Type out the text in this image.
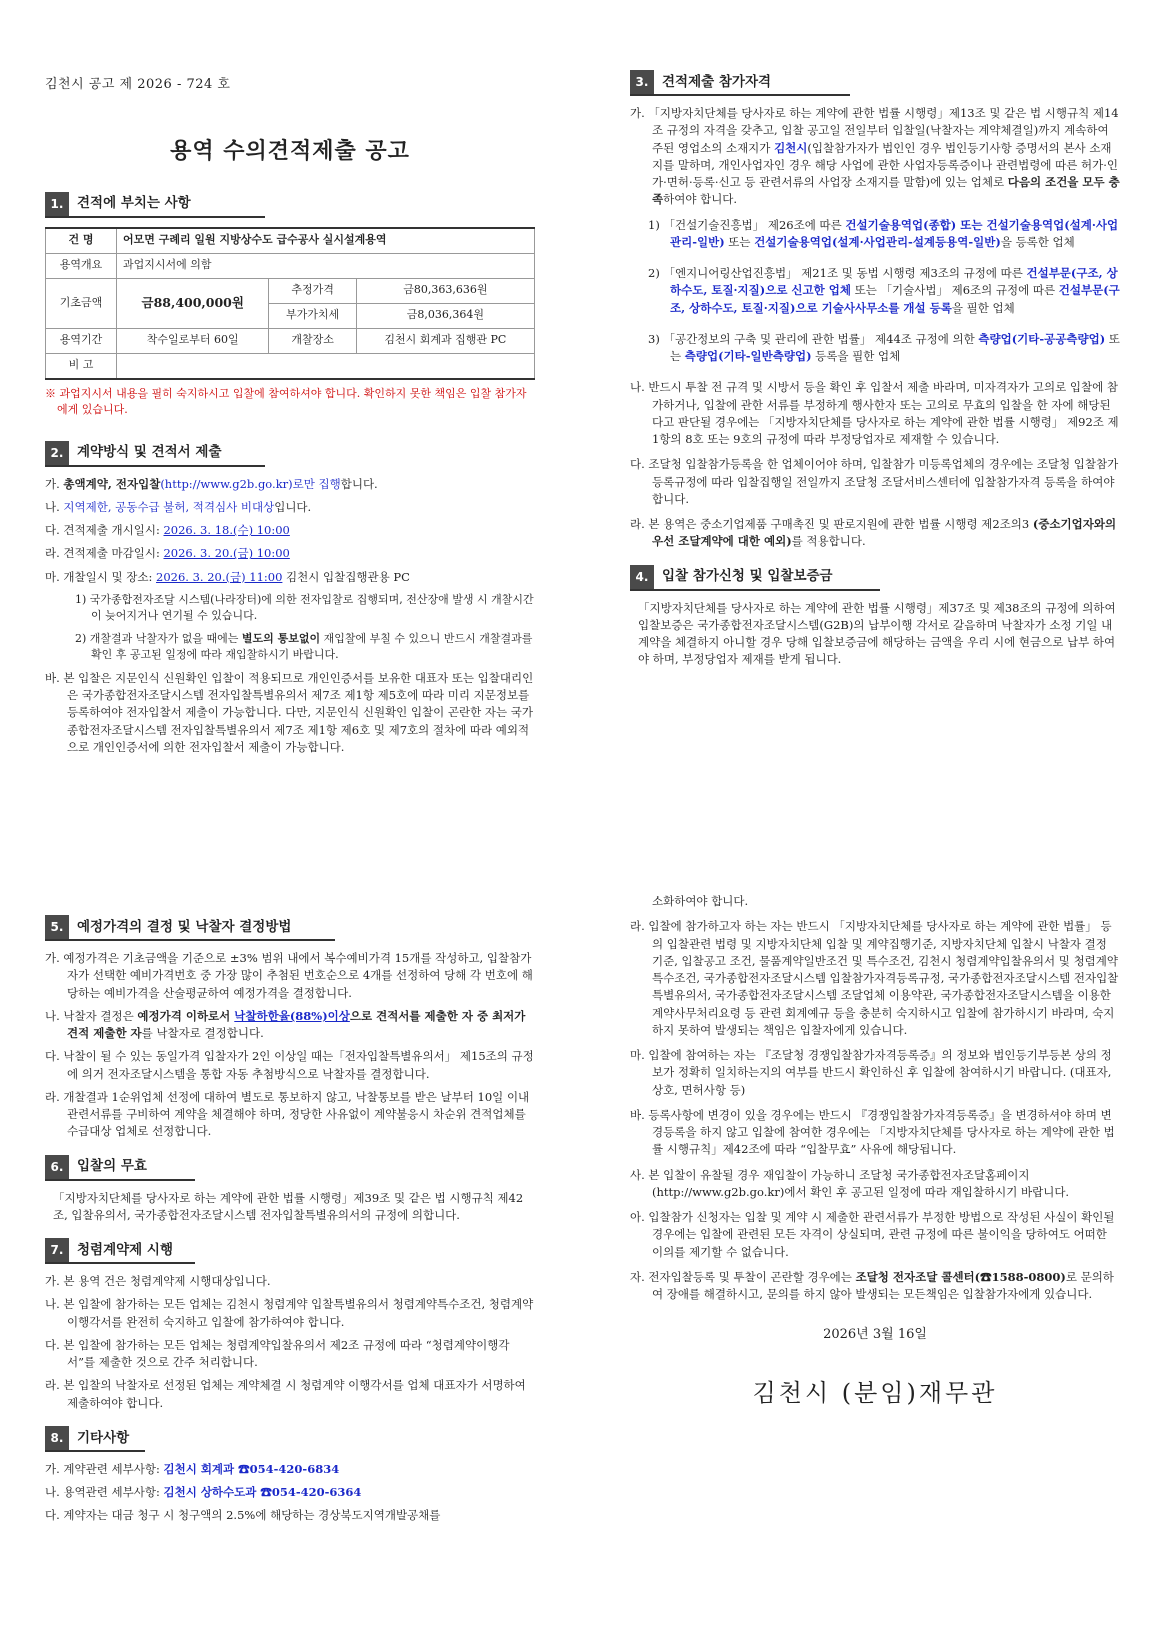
김천시 공고 제 2026 - 724 호
용역 수의견적제출 공고
1.	견적에 부치는 사항
건 명	어모면 구례리 일원 지방상수도 급수공사 실시설계용역		
용역개요	과업지시서에 의함		
기초금액	금88,400,000원	추정가격	금80,363,636원
		부가가치세	금8,036,364원
용역기간	착수일로부터 60일	개찰장소	김천시 회계과 집행관 PC
비 고			
※ 과업지시서 내용을 필히 숙지하시고 입찰에 참여하셔야 합니다. 확인하지 못한 책임은 입찰 참가자에게 있습니다.
2.	계약방식 및 견적서 제출

가. 총액계약, 전자입찰(http://www.g2b.go.kr)로만 집행합니다.

나. 지역제한, 공동수급 불허, 적격심사 비대상입니다.

다. 견적제출 개시일시: 2026. 3. 18.(수) 10:00

라. 견적제출 마감일시: 2026. 3. 20.(금) 10:00

마. 개찰일시 및 장소: 2026. 3. 20.(금) 11:00 김천시 입찰집행관용 PC

1) 국가종합전자조달 시스템(나라장터)에 의한 전자입찰로 집행되며, 전산장애 발생 시 개찰시간이 늦어지거나 연기될 수 있습니다.

2) 개찰결과 낙찰자가 없을 때에는 별도의 통보없이 재입찰에 부칠 수 있으니 반드시 개찰결과를 확인 후 공고된 일정에 따라 재입찰하시기 바랍니다.

바. 본 입찰은 지문인식 신원확인 입찰이 적용되므로 개인인증서를 보유한 대표자 또는 입찰대리인은 국가종합전자조달시스템 전자입찰특별유의서 제7조 제1항 제5호에 따라 미리 지문정보를 등록하여야 전자입찰서 제출이 가능합니다. 다만, 지문인식 신원확인 입찰이 곤란한 자는 국가종합전자조달시스템 전자입찰특별유의서 제7조 제1항 제6호 및 제7호의 절차에 따라 예외적으로 개인인증서에 의한 전자입찰서 제출이 가능합니다.

3.	견적제출 참가자격

가. 「지방자치단체를 당사자로 하는 계약에 관한 법률 시행령」제13조 및 같은 법 시행규칙 제14조 규정의 자격을 갖추고, 입찰 공고일 전일부터 입찰일(낙찰자는 계약체결일)까지 계속하여 주된 영업소의 소재지가 김천시(입찰참가자가 법인인 경우 법인등기사항 증명서의 본사 소재지를 말하며, 개인사업자인 경우 해당 사업에 관한 사업자등록증이나 관련법령에 따른 허가·인가·면허·등록·신고 등 관련서류의 사업장 소재지를 말함)에 있는 업체로 다음의 조건을 모두 충족하여야 합니다.

1) 「건설기술진흥법」 제26조에 따른 건설기술용역업(종합) 또는 건설기술용역업(설계·사업관리-일반) 또는 건설기술용역업(설계·사업관리-설계등용역-일반)을 등록한 업체

2) 「엔지니어링산업진흥법」 제21조 및 동법 시행령 제3조의 규정에 따른 건설부문(구조, 상하수도, 토질·지질)으로 신고한 업체 또는 「기술사법」 제6조의 규정에 따른 건설부문(구조, 상하수도, 토질·지질)으로 기술사사무소를 개설 등록을 필한 업체

3) 「공간정보의 구축 및 관리에 관한 법률」 제44조 규정에 의한 측량업(기타-공공측량업) 또는 측량업(기타-일반측량업) 등록을 필한 업체

나. 반드시 투찰 전 규격 및 시방서 등을 확인 후 입찰서 제출 바라며, 미자격자가 고의로 입찰에 참가하거나, 입찰에 관한 서류를 부정하게 행사한자 또는 고의로 무효의 입찰을 한 자에 해당된다고 판단될 경우에는 「지방자치단체를 당사자로 하는 계약에 관한 법률 시행령」 제92조 제1항의 8호 또는 9호의 규정에 따라 부정당업자로 제재할 수 있습니다.

다. 조달청 입찰참가등록을 한 업체이어야 하며, 입찰참가 미등록업체의 경우에는 조달청 입찰참가등록규정에 따라 입찰집행일 전일까지 조달청 조달서비스센터에 입찰참가자격 등록을 하여야 합니다.

라. 본 용역은 중소기업제품 구매촉진 및 판로지원에 관한 법률 시행령 제2조의3 (중소기업자와의 우선 조달계약에 대한 예외)를 적용합니다.

4.	입찰 참가신청 및 입찰보증금

「지방자치단체를 당사자로 하는 계약에 관한 법률 시행령」제37조 및 제38조의 규정에 의하여 입찰보증은 국가종합전자조달시스템(G2B)의 납부이행 각서로 갈음하며 낙찰자가 소정 기일 내 계약을 체결하지 아니할 경우 당해 입찰보증금에 해당하는 금액을 우리 시에 현금으로 납부 하여야 하며, 부정당업자 제재를 받게 됩니다.

5.	예정가격의 결정 및 낙찰자 결정방법

가. 예정가격은 기초금액을 기준으로 ±3% 범위 내에서 복수예비가격 15개를 작성하고, 입찰참가자가 선택한 예비가격번호 중 가장 많이 추첨된 번호순으로 4개를 선정하여 당해 각 번호에 해당하는 예비가격을 산술평균하여 예정가격을 결정합니다.

나. 낙찰자 결정은 예정가격 이하로서 낙찰하한율(88%)이상으로 견적서를 제출한 자 중 최저가 견적 제출한 자를 낙찰자로 결정합니다.

다. 낙찰이 될 수 있는 동일가격 입찰자가 2인 이상일 때는「전자입찰특별유의서」 제15조의 규정에 의거 전자조달시스템을 통합 자동 추첨방식으로 낙찰자를 결정합니다.

라. 개찰결과 1순위업체 선정에 대하여 별도로 통보하지 않고, 낙찰통보를 받은 날부터 10일 이내 관련서류를 구비하여 계약을 체결해야 하며, 정당한 사유없이 계약불응시 차순위 견적업체를 수급대상 업체로 선정합니다.

6.	입찰의 무효

「지방자치단체를 당사자로 하는 계약에 관한 법률 시행령」제39조 및 같은 법 시행규칙 제42조, 입찰유의서, 국가종합전자조달시스템 전자입찰특별유의서의 규정에 의합니다.

7.	청렴계약제 시행

가. 본 용역 건은 청렴계약제 시행대상입니다.

나. 본 입찰에 참가하는 모든 업체는 김천시 청렴계약 입찰특별유의서 청렴계약특수조건, 청렴계약 이행각서를 완전히 숙지하고 입찰에 참가하여야 합니다.

다. 본 입찰에 참가하는 모든 업체는 청렴계약입찰유의서 제2조 규정에 따라 “청렴계약이행각서”를 제출한 것으로 간주 처리합니다.

라. 본 입찰의 낙찰자로 선정된 업체는 계약체결 시 청렴계약 이행각서를 업체 대표자가 서명하여 제출하여야 합니다.

8.	기타사항

가. 계약관련 세부사항: 김천시 회계과 ☎054-420-6834

나. 용역관련 세부사항: 김천시 상하수도과 ☎054-420-6364

다. 계약자는 대금 청구 시 청구액의 2.5%에 해당하는 경상북도지역개발공채를

소화하여야 합니다.

라. 입찰에 참가하고자 하는 자는 반드시 「지방자치단체를 당사자로 하는 계약에 관한 법률」 등의 입찰관련 법령 및 지방자치단체 입찰 및 계약집행기준, 지방자치단체 입찰시 낙찰자 결정 기준, 입찰공고 조건, 물품계약일반조건 및 특수조건, 김천시 청렴계약입찰유의서 및 청렴계약특수조건, 국가종합전자조달시스템 입찰참가자격등록규정, 국가종합전자조달시스템 전자입찰특별유의서, 국가종합전자조달시스템 조달업체 이용약관, 국가종합전자조달시스템을 이용한 계약사무처리요령 등 관련 회계예규 등을 충분히 숙지하시고 입찰에 참가하시기 바라며, 숙지하지 못하여 발생되는 책임은 입찰자에게 있습니다.

마. 입찰에 참여하는 자는 『조달청 경쟁입찰참가자격등록증』의 정보와 법인등기부등본 상의 정보가 정확히 일치하는지의 여부를 반드시 확인하신 후 입찰에 참여하시기 바랍니다. (대표자, 상호, 면허사항 등)

바. 등록사항에 변경이 있을 경우에는 반드시 『경쟁입찰참가자격등록증』을 변경하셔야 하며 변경등록을 하지 않고 입찰에 참여한 경우에는 「지방자치단체를 당사자로 하는 계약에 관한 법률 시행규칙」제42조에 따라 “입찰무효” 사유에 해당됩니다.

사. 본 입찰이 유찰될 경우 재입찰이 가능하니 조달청 국가종합전자조달홈페이지 (http://www.g2b.go.kr)에서 확인 후 공고된 일정에 따라 재입찰하시기 바랍니다.

아. 입찰참가 신청자는 입찰 및 계약 시 제출한 관련서류가 부정한 방법으로 작성된 사실이 확인될 경우에는 입찰에 관련된 모든 자격이 상실되며, 관련 규정에 따른 불이익을 당하여도 어떠한 이의를 제기할 수 없습니다.

자. 전자입찰등록 및 투찰이 곤란할 경우에는 조달청 전자조달 콜센터(☎1588-0800)로 문의하여 장애를 해결하시고, 문의를 하지 않아 발생되는 모든책임은 입찰참가자에게 있습니다.

2026년 3월 16일
김천시 (분임)재무관
